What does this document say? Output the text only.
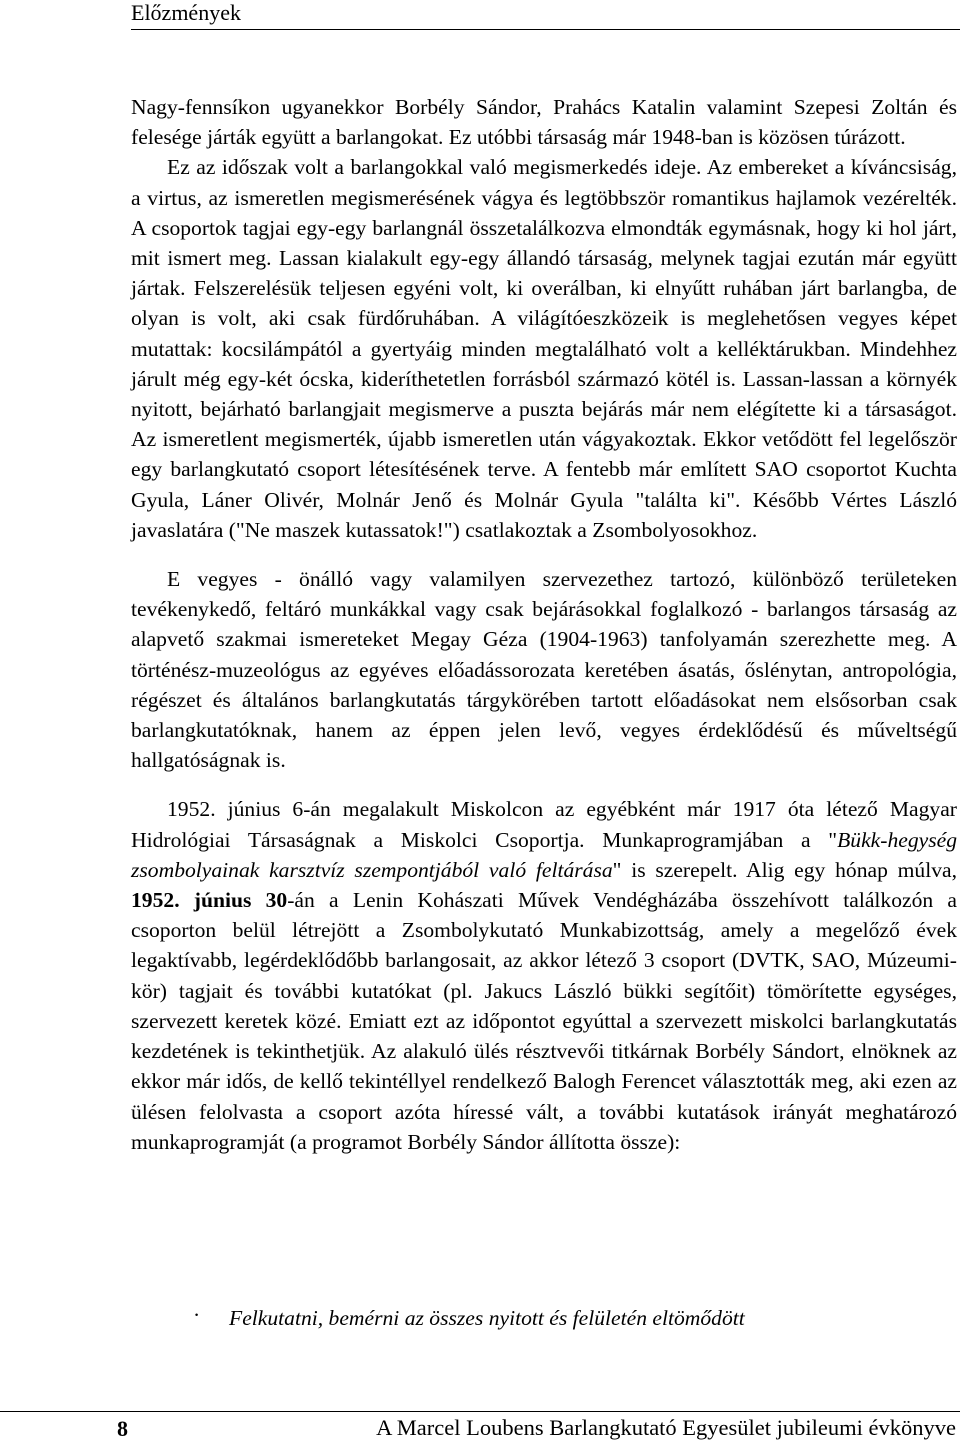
Előzmények

Nagy-fennsíkon ugyanekkor Borbély Sándor, Prahács Katalin valamint Szepesi Zoltán és felesége járták együtt a barlangokat. Ez utóbbi társaság már 1948-ban is közösen túrázott.

Ez az időszak volt a barlangokkal való megismerkedés ideje. Az embereket a kíváncsiság, a virtus, az ismeretlen megismerésének vágya és legtöbbször romantikus hajlamok vezérelték. A csoportok tagjai egy-egy barlangnál összetalálkozva elmondták egymásnak, hogy ki hol járt, mit ismert meg. Lassan kialakult egy-egy állandó társaság, melynek tagjai ezután már együtt jártak. Felszerelésük teljesen egyéni volt, ki overálban, ki elnyűtt ruhában járt barlangba, de olyan is volt, aki csak fürdőruhában. A világítóeszközeik is meglehetősen vegyes képet mutattak: kocsilámpától a gyertyáig minden megtalálható volt a kelléktárukban. Mindehhez járult még egy-két ócska, kideríthetetlen forrásból származó kötél is. Lassan-lassan a környék nyitott, bejárható barlangjait megismerve a puszta bejárás már nem elégítette ki a társaságot. Az ismeretlent megismerték, újabb ismeretlen után vágyakoztak. Ekkor vetődött fel legelőször egy barlangkutató csoport létesítésének terve. A fentebb már említett SAO csoportot Kuchta Gyula, Láner Olivér, Molnár Jenő és Molnár Gyula "találta ki". Később Vértes László javaslatára ("Ne maszek kutassatok!") csatlakoztak a Zsombolyosokhoz.

E vegyes - önálló vagy valamilyen szervezethez tartozó, különböző területeken tevékenykedő, feltáró munkákkal vagy csak bejárásokkal foglalkozó - barlangos társaság az alapvető szakmai ismereteket Megay Géza (1904-1963) tanfolyamán szerezhette meg. A történész-muzeológus az egyéves előadássorozata keretében ásatás, őslénytan, antropológia, régészet és általános barlangkutatás tárgykörében tartott előadásokat nem elsősorban csak barlangkutatóknak, hanem az éppen jelen levő, vegyes érdeklődésű és műveltségű hallgatóságnak is.

1952. június 6-án megalakult Miskolcon az egyébként már 1917 óta létező Magyar Hidrológiai Társaságnak a Miskolci Csoportja. Munkaprogramjában a "Bükk-hegység zsombolyainak karsztvíz szempontjából való feltárása" is szerepelt. Alig egy hónap múlva, 1952. június 30-án a Lenin Kohászati Művek Vendégházába összehívott találkozón a csoporton belül létrejött a Zsombolykutató Munkabizottság, amely a megelőző évek legaktívabb, legérdeklődőbb barlangosait, az akkor létező 3 csoport (DVTK, SAO, Múzeumi-kör) tagjait és további kutatókat (pl. Jakucs László bükki segítőit) tömörítette egységes, szervezett keretek közé. Emiatt ezt az időpontot egyúttal a szervezett miskolci barlangkutatás kezdetének is tekinthetjük. Az alakuló ülés résztvevői titkárnak Borbély Sándort, elnöknek az ekkor már idős, de kellő tekintéllyel rendelkező Balogh Ferencet választották meg, aki ezen az ülésen felolvasta a csoport azóta híressé vált, a további kutatások irányát meghatározó munkaprogramját (a programot Borbély Sándor állította össze):

· Felkutatni, bemérni az összes nyitott és felületén eltömődött
8	A Marcel Loubens Barlangkutató Egyesület jubileumi évkönyve
